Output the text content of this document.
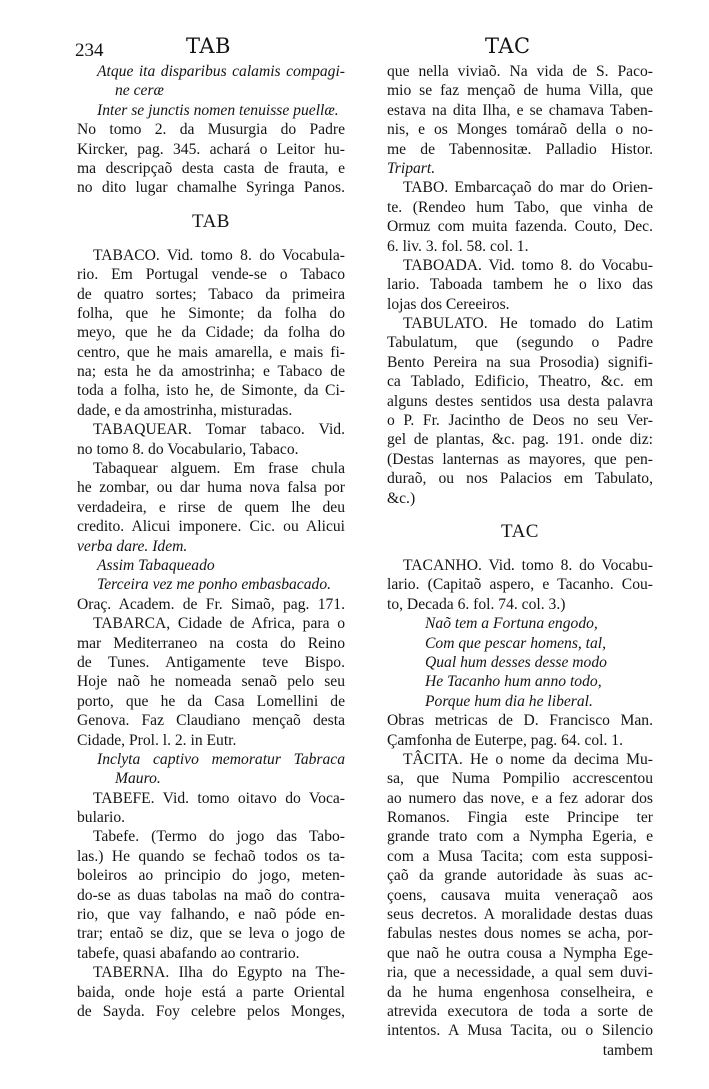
234	TAB	TAC
Atque ita disparibus calamis compagi-
ne ceræ
Inter se junctis nomen tenuisse puellæ.
No tomo 2. da Musurgia do Padre
Kircker, pag. 345. achará o Leitor hu-
ma descripçaõ desta casta de frauta, e
no dito lugar chamalhe Syringa Panos.
TAB
TABACO. Vid. tomo 8. do Vocabula-
rio. Em Portugal vende-se o Tabaco
de quatro sortes; Tabaco da primeira
folha, que he Simonte; da folha do
meyo, que he da Cidade; da folha do
centro, que he mais amarella, e mais fi-
na; esta he da amostrinha; e Tabaco de
toda a folha, isto he, de Simonte, da Ci-
dade, e da amostrinha, misturadas.
TABAQUEAR. Tomar tabaco. Vid.
no tomo 8. do Vocabulario, Tabaco.
Tabaquear alguem. Em frase chula
he zombar, ou dar huma nova falsa por
verdadeira, e rirse de quem lhe deu
credito. Alicui imponere. Cic. ou Alicui
verba dare. Idem.
Assim Tabaqueado
Terceira vez me ponho embasbacado.
Oraç. Academ. de Fr. Simaõ, pag. 171.
TABARCA, Cidade de Africa, para o
mar Mediterraneo na costa do Reino
de Tunes. Antigamente teve Bispo.
Hoje naõ he nomeada senaõ pelo seu
porto, que he da Casa Lomellini de
Genova. Faz Claudiano mençaõ desta
Cidade, Prol. l. 2. in Eutr.
Inclyta captivo memoratur Tabraca
Mauro.
TABEFE. Vid. tomo oitavo do Voca-
bulario.
Tabefe. (Termo do jogo das Tabo-
las.) He quando se fechaõ todos os ta-
boleiros ao principio do jogo, meten-
do-se as duas tabolas na maõ do contra-
rio, que vay falhando, e naõ póde en-
trar; entaõ se diz, que se leva o jogo de
tabefe, quasi abafando ao contrario.
TABERNA. Ilha do Egypto na The-
baida, onde hoje está a parte Oriental
de Sayda. Foy celebre pelos Monges,
que nella viviaõ. Na vida de S. Paco-
mio se faz mençaõ de huma Villa, que
estava na dita Ilha, e se chamava Taben-
nis, e os Monges tomáraõ della o no-
me de Tabennositæ. Palladio Histor.
Tripart.
TABO. Embarcaçaõ do mar do Orien-
te. (Rendeo hum Tabo, que vinha de
Ormuz com muita fazenda. Couto, Dec.
6. liv. 3. fol. 58. col. 1.
TABOADA. Vid. tomo 8. do Vocabu-
lario. Taboada tambem he o lixo das
lojas dos Cereeiros.
TABULATO. He tomado do Latim
Tabulatum, que (segundo o Padre
Bento Pereira na sua Prosodia) signifi-
ca Tablado, Edificio, Theatro, &c. em
alguns destes sentidos usa desta palavra
o P. Fr. Jacintho de Deos no seu Ver-
gel de plantas, &c. pag. 191. onde diz:
(Destas lanternas as mayores, que pen-
duraõ, ou nos Palacios em Tabulato,
&c.)
TAC
TACANHO. Vid. tomo 8. do Vocabu-
lario. (Capitaõ aspero, e Tacanho. Cou-
to, Decada 6. fol. 74. col. 3.)
Naõ tem a Fortuna engodo,
Com que pescar homens, tal,
Qual hum desses desse modo
He Tacanho hum anno todo,
Porque hum dia he liberal.
Obras metricas de D. Francisco Man.
Çamfonha de Euterpe, pag. 64. col. 1.
TÂCITA. He o nome da decima Mu-
sa, que Numa Pompilio accrescentou
ao numero das nove, e a fez adorar dos
Romanos. Fingia este Principe ter
grande trato com a Nympha Egeria, e
com a Musa Tacita; com esta supposi-
çaõ da grande autoridade às suas ac-
çoens, causava muita veneraçaõ aos
seus decretos. A moralidade destas duas
fabulas nestes dous nomes se acha, por-
que naõ he outra cousa a Nympha Ege-
ria, que a necessidade, a qual sem duvi-
da he huma engenhosa conselheira, e
atrevida executora de toda a sorte de
intentos. A Musa Tacita, ou o Silencio
tambem
